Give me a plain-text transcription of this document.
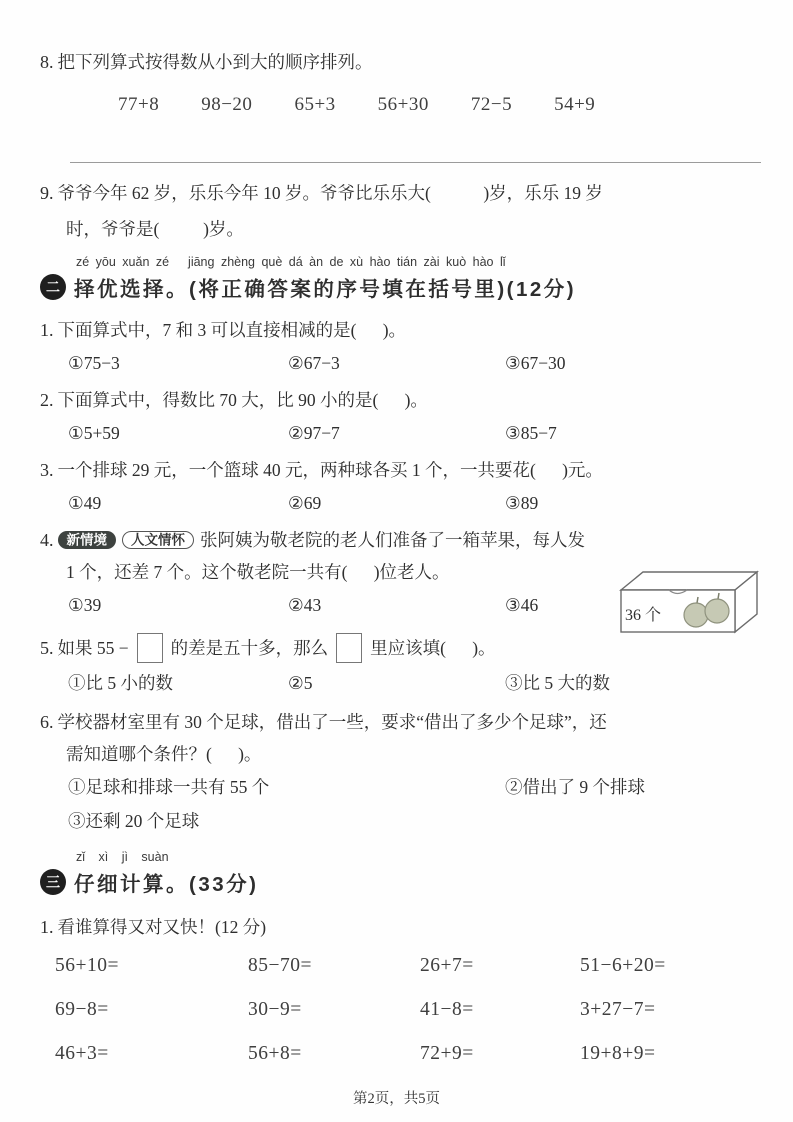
8. 把下列算式按得数从小到大的顺序排列。
77+8 98−20 65+3 56+30 72−5 54+9
9. 爷爷今年 62 岁，乐乐今年 10 岁。爷爷比乐乐大(            )岁，乐乐 19 岁
时，爷爷是(          )岁。
zé yōu xuǎn zé　 jiāng zhèng què dá àn de xù hào tián zài kuò hào lǐ
二 择优选择。(将正确答案的序号填在括号里)(12分)
1. 下面算式中，7 和 3 可以直接相减的是(      )。
①75−3	②67−3	③67−30
2. 下面算式中，得数比 70 大，比 90 小的是(      )。
①5+59	②97−7	③85−7
3. 一个排球 29 元，一个篮球 40 元，两种球各买 1 个，一共要花(      )元。
①49	②69	③89
4. 新情境 人文情怀 张阿姨为敬老院的老人们准备了一箱苹果，每人发
1 个，还差 7 个。这个敬老院一共有(      )位老人。
①39	②43	③46
36 个
5. 如果 55 − 的差是五十多，那么 里应该填(      )。
①比 5 小的数	②5	③比 5 大的数
6. 学校器材室里有 30 个足球，借出了一些，要求“借出了多少个足球”，还
需知道哪个条件？(      )。
①足球和排球一共有 55 个	②借出了 9 个排球
③还剩 20 个足球
zǐ xì jì suàn
三 仔细计算。(33分)
1. 看谁算得又对又快！(12 分)
56+10=	85−70=	26+7=	51−6+20=
69−8=	30−9=	41−8=	3+27−7=
46+3=	56+8=	72+9=	19+8+9=
第2页，共5页
